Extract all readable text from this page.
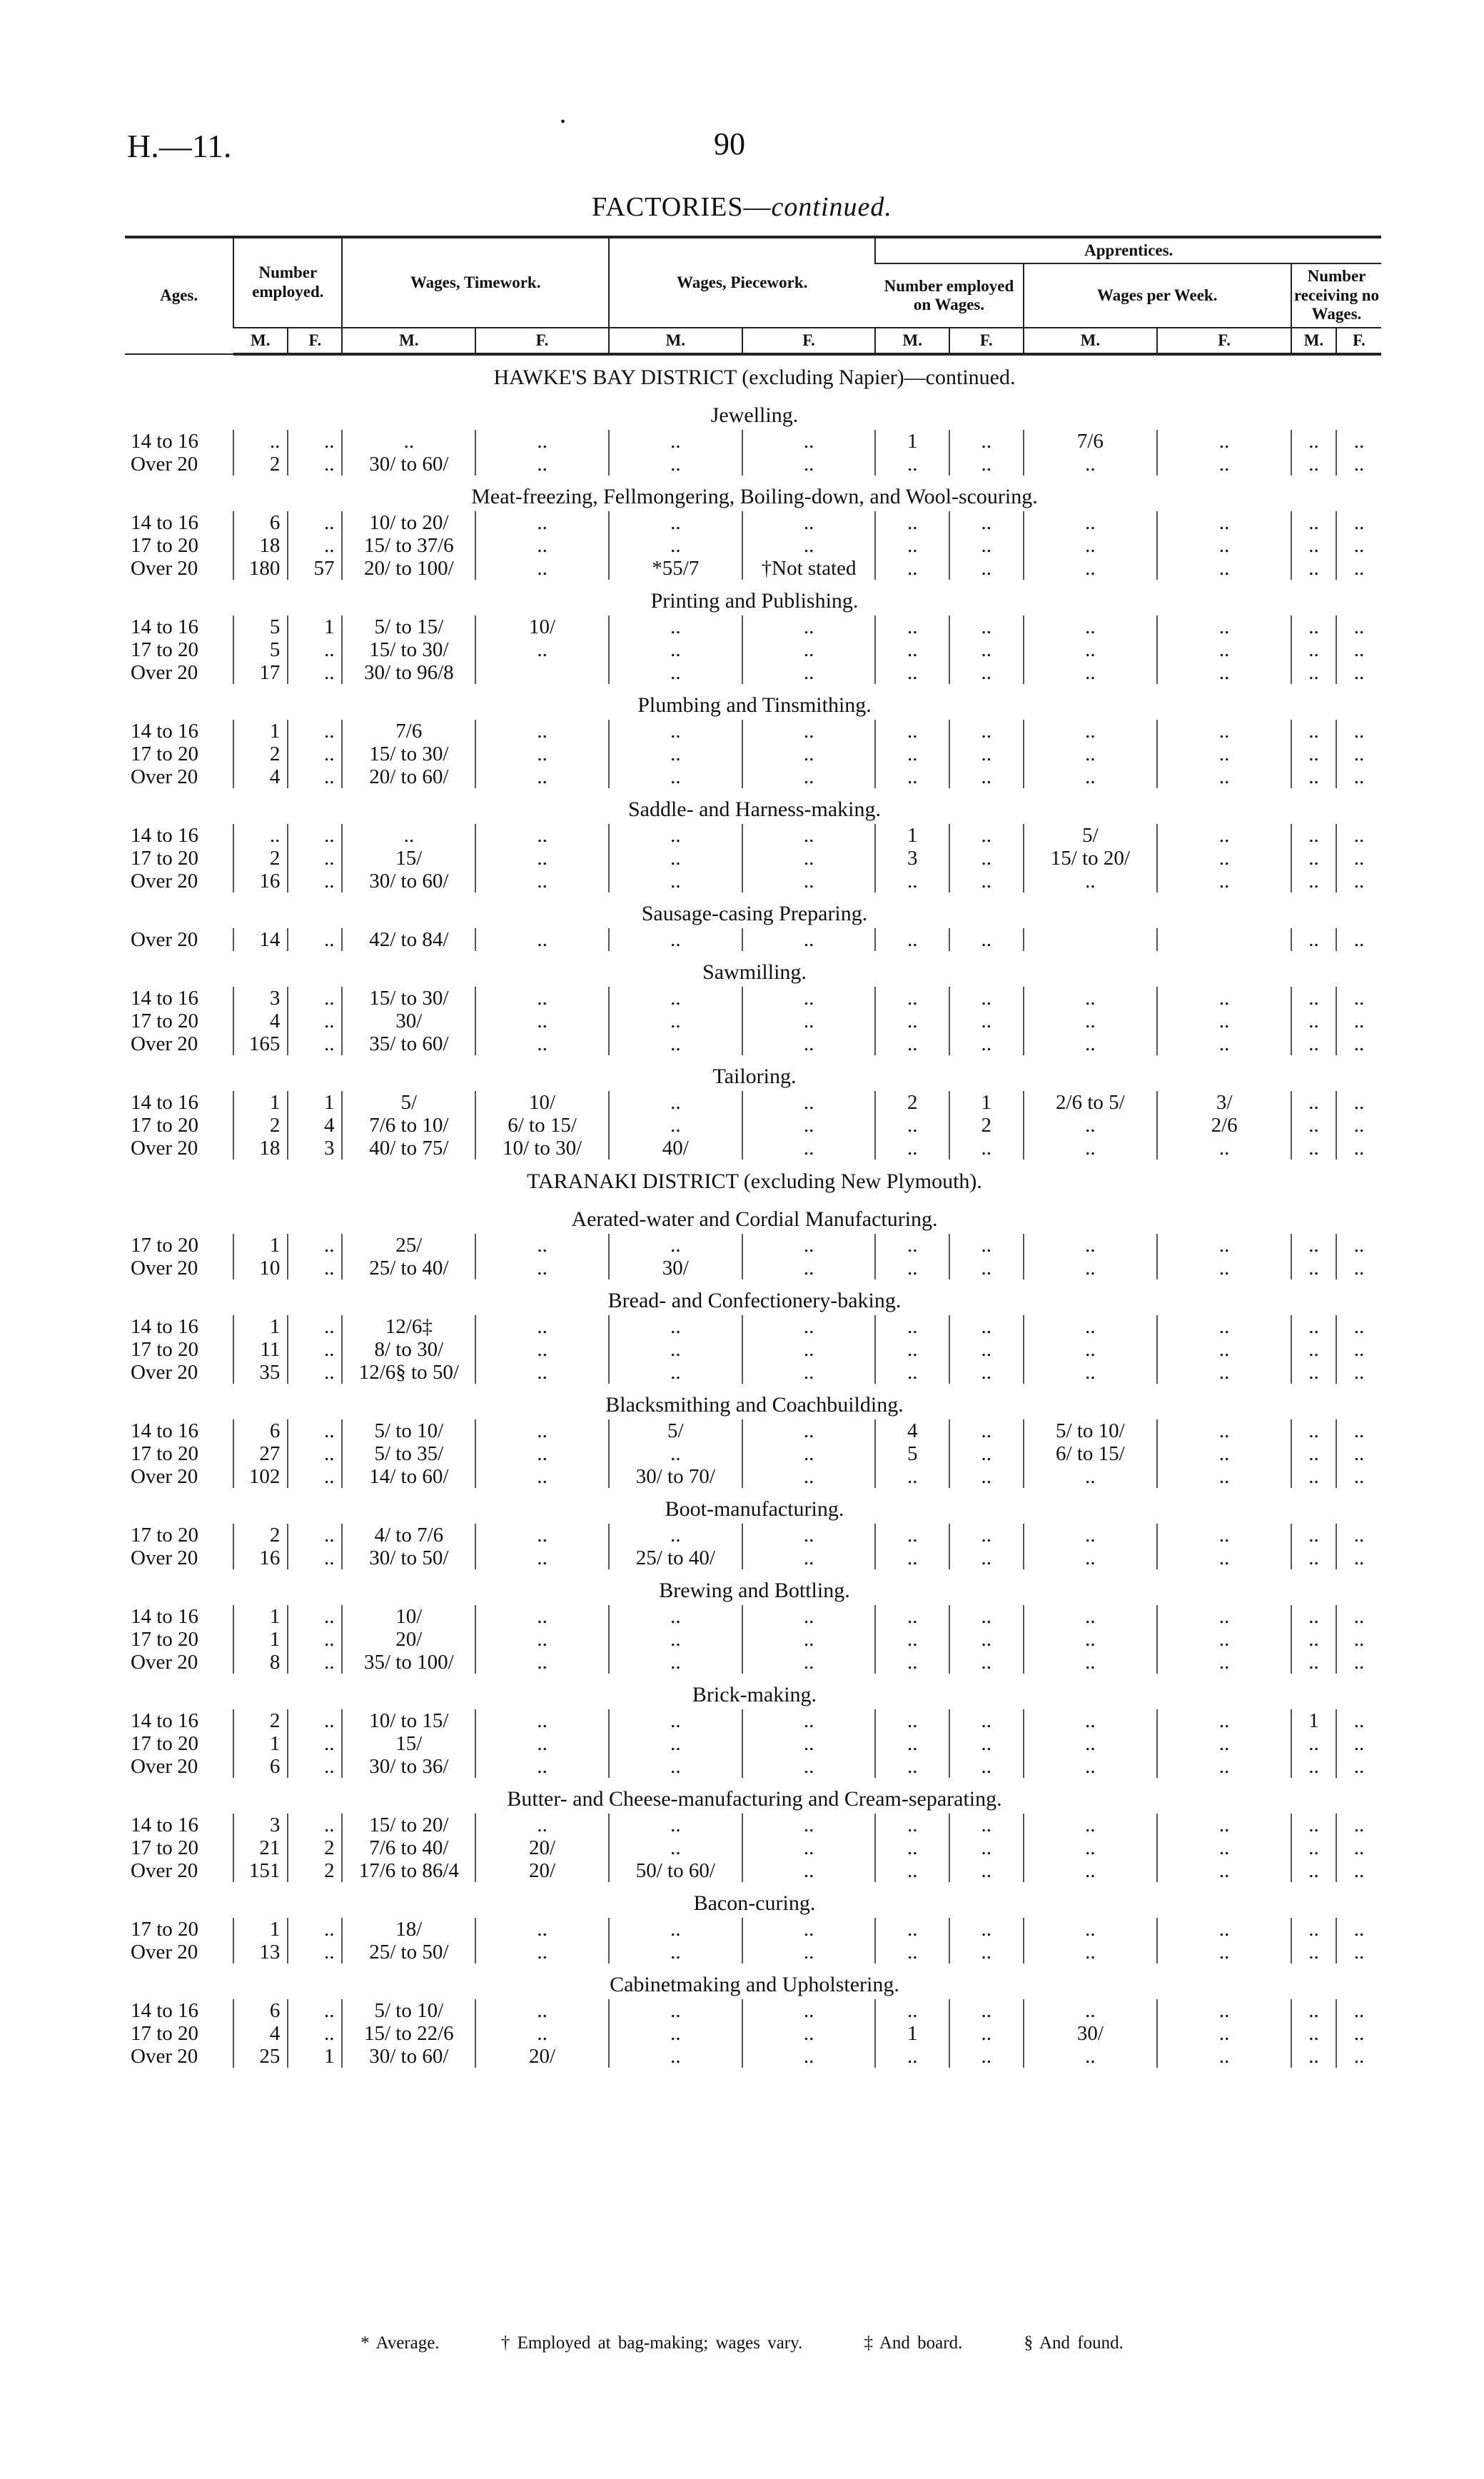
•
H.—11.	90
FACTORIES—continued.
Ages.	Number employed.		Wages, Timework.		Wages, Piecework.		Apprentices.					
							Number employed on Wages.		Wages per Week.		Number receiving no Wages.	
	M.	F.	M.	F.	M.	F.	M.	F.	M.	F.	M.	F.
HAWKE'S BAY DISTRICT (excluding Napier)—continued.												
Jewelling.												
14 to 16	..	..	..	..	..	..	1	..	7/6	..	..	..
Over 20	2	..	30/ to 60/	..	..	..	..	..	..	..	..	..
Meat-freezing, Fellmongering, Boiling-down, and Wool-scouring.												
14 to 16	6	..	10/ to 20/	..	..	..	..	..	..	..	..	..
17 to 20	18	..	15/ to 37/6	..	..	..	..	..	..	..	..	..
Over 20	180	57	20/ to 100/	..	*55/7	†Not stated	..	..	..	..	..	..
Printing and Publishing.												
14 to 16	5	1	5/ to 15/	10/	..	..	..	..	..	..	..	..
17 to 20	5	..	15/ to 30/	..	..	..	..	..	..	..	..	..
Over 20	17	..	30/ to 96/8		..	..	..	..	..	..	..	..
Plumbing and Tinsmithing.												
14 to 16	1	..	7/6	..	..	..	..	..	..	..	..	..
17 to 20	2	..	15/ to 30/	..	..	..	..	..	..	..	..	..
Over 20	4	..	20/ to 60/	..	..	..	..	..	..	..	..	..
Saddle- and Harness-making.												
14 to 16	..	..	..	..	..	..	1	..	5/	..	..	..
17 to 20	2	..	15/	..	..	..	3	..	15/ to 20/	..	..	..
Over 20	16	..	30/ to 60/	..	..	..	..	..	..	..	..	..
Sausage-casing Preparing.												
Over 20	14	..	42/ to 84/	..	..	..	..	..			..	..
Sawmilling.												
14 to 16	3	..	15/ to 30/	..	..	..	..	..	..	..	..	..
17 to 20	4	..	30/	..	..	..	..	..	..	..	..	..
Over 20	165	..	35/ to 60/	..	..	..	..	..	..	..	..	..
Tailoring.												
14 to 16	1	1	5/	10/	..	..	2	1	2/6 to 5/	3/	..	..
17 to 20	2	4	7/6 to 10/	6/ to 15/	..	..	..	2	..	2/6	..	..
Over 20	18	3	40/ to 75/	10/ to 30/	40/	..	..	..	..	..	..	..
TARANAKI DISTRICT (excluding New Plymouth).												
Aerated-water and Cordial Manufacturing.												
17 to 20	1	..	25/	..	..	..	..	..	..	..	..	..
Over 20	10	..	25/ to 40/	..	30/	..	..	..	..	..	..	..
Bread- and Confectionery-baking.												
14 to 16	1	..	12/6‡	..	..	..	..	..	..	..	..	..
17 to 20	11	..	8/ to 30/	..	..	..	..	..	..	..	..	..
Over 20	35	..	12/6§ to 50/	..	..	..	..	..	..	..	..	..
Blacksmithing and Coachbuilding.												
14 to 16	6	..	5/ to 10/	..	5/	..	4	..	5/ to 10/	..	..	..
17 to 20	27	..	5/ to 35/	..	..	..	5	..	6/ to 15/	..	..	..
Over 20	102	..	14/ to 60/	..	30/ to 70/	..	..	..	..	..	..	..
Boot-manufacturing.												
17 to 20	2	..	4/ to 7/6	..	..	..	..	..	..	..	..	..
Over 20	16	..	30/ to 50/	..	25/ to 40/	..	..	..	..	..	..	..
Brewing and Bottling.												
14 to 16	1	..	10/	..	..	..	..	..	..	..	..	..
17 to 20	1	..	20/	..	..	..	..	..	..	..	..	..
Over 20	8	..	35/ to 100/	..	..	..	..	..	..	..	..	..
Brick-making.												
14 to 16	2	..	10/ to 15/	..	..	..	..	..	..	..	1	..
17 to 20	1	..	15/	..	..	..	..	..	..	..	..	..
Over 20	6	..	30/ to 36/	..	..	..	..	..	..	..	..	..
Butter- and Cheese-manufacturing and Cream-separating.												
14 to 16	3	..	15/ to 20/	..	..	..	..	..	..	..	..	..
17 to 20	21	2	7/6 to 40/	20/	..	..	..	..	..	..	..	..
Over 20	151	2	17/6 to 86/4	20/	50/ to 60/	..	..	..	..	..	..	..
Bacon-curing.												
17 to 20	1	..	18/	..	..	..	..	..	..	..	..	..
Over 20	13	..	25/ to 50/	..	..	..	..	..	..	..	..	..
Cabinetmaking and Upholstering.												
14 to 16	6	..	5/ to 10/	..	..	..	..	..	..	..	..	..
17 to 20	4	..	15/ to 22/6	..	..	..	1	..	30/	..	..	..
Over 20	25	1	30/ to 60/	20/	..	..	..	..	..	..	..	..
* Average.	† Employed at bag-making; wages vary.	‡ And board.	§ And found.
